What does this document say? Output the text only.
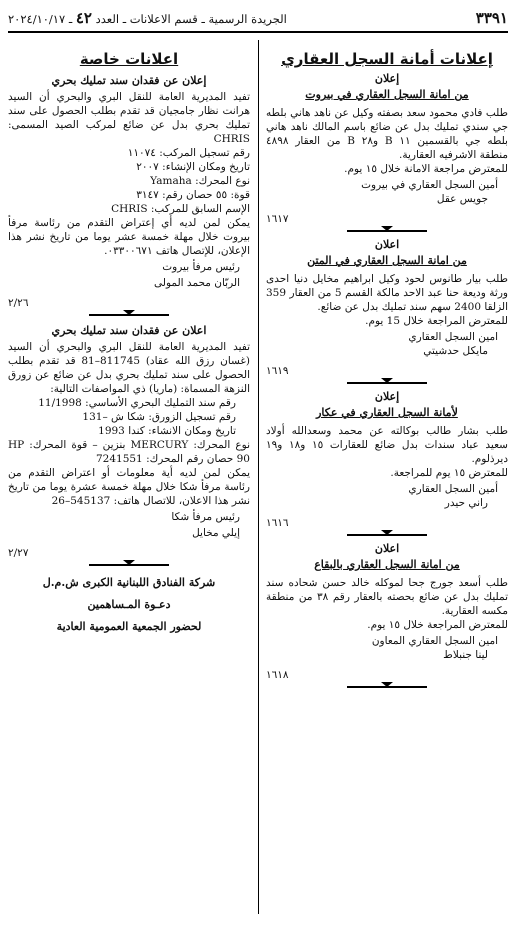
٣٣٩١
الجريدة الرسمية ـ قسم الاعلانات ـ العدد ٤٢ ـ ٢٠٢٤/١٠/١٧
إعلانات أمانة السجل العقاري
إعلان
من امانة السجل العقاري في بيروت

طلب فادي محمود سعد بصفته وكيل عن ناهد هاني بلطه جي سندي تمليك بدل عن ضائع باسم المالك ناهد هاني بلطه جي بالقسمين ١١ B و٢٨ B من العقار ٤٨٩٨ منطقة الاشرفيه العقارية.

للمعترض مراجعة الامانة خلال ١٥ يوم.

أمين السجل العقاري في بيروت

جويس عقل

١٦١٧

اعلان
من امانة السجل العقاري في المتن

طلب بيار طانوس لحود وكيل ابراهيم مخايل دنيا احدى ورثة وديعة حنا عبد الاحد مالكة القسم 5 من العقار 359 الزلقا 2400 سهم سند تمليك بدل عن ضائع.

للمعترض المراجعة خلال 15 يوم.

امين السجل العقاري

مايكل حدشيتي

١٦١٩

إعلان
لأمانة السجل العقاري في عكار

طلب بشار طالب بوكالته عن محمد وسعدالله أولاد سعيد عباد سندات بدل ضائع للعقارات ١٥ و١٨ و١٩ ديرذلوم.

للمعترض ١٥ يوم للمراجعة.

أمين السجل العقاري

راني حيدر

١٦١٦

اعلان
من امانة السجل العقاري بالبقاع

طلب أسعد جورج جحا لموكله خالد حسن شحاده سند تمليك بدل عن ضائع بحصته بالعقار رقم ٣٨ من منطقة مكسه العقارية.

للمعترض المراجعة خلال ١٥ يوم.

امين السجل العقاري المعاون

لينا جنبلاط

١٦١٨

اعلانات خاصة
إعلان عن فقدان سند تمليك بحري

تفيد المديرية العامة للنقل البري والبحري أن السيد هرانت نظار جامجيان قد تقدم بطلب الحصول على سند تمليك بحري بدل عن ضائع لمركب الصيد المسمى: CHRIS

رقم تسجيل المركب: ١١٠٧٤

تاريخ ومكان الإنشاء: ٢٠٠٧

نوع المحرك: Yamaha

قوة: ٥٥ حصان رقم: ٣١٤٧

الإسم السابق للمركب: CHRIS

يمكن لمن لديه أي إعتراض التقدم من رئاسة مرفأ بيروت خلال مهلة خمسة عشر يوما من تاريخ نشر هذا الإعلان، للإتصال هاتف ٠٣٣٠٠٦٧١.

رئيس مرفأ بيروت

الربّان محمد المولى

٢/٢٦

اعلان عن فقدان سند تمليك بحري

تفيد المديرية العامة للنقل البري والبحري أن السيد (غسان رزق الله عقاد) 811745–81 قد تقدم بطلب الحصول على سند تمليك بحري بدل عن ضائع عن زورق النزهة المسماة: (ماريا) ذي المواصفات التالية:

رقم سند التمليك البحري الأساسي: 11/1998

رقم تسجيل الزورق: شكا ش –131

تاريخ ومكان الانشاء: كندا 1993

نوع المحرك: MERCURY بنزين – قوة المحرك: HP 90 حصان رقم المحرك: 7241551

يمكن لمن لديه أية معلومات أو اعتراض التقدم من رئاسة مرفأ شكا خلال مهلة خمسة عشرة يوما من تاريخ نشر هذا الاعلان، للاتصال هاتف: 545137–26

رئيس مرفأ شكا

إيلي مخايل

٢/٢٧

شركة الفنادق اللبنانية الكبرى ش.م.ل
دعـوة المـساهمين
لحضور الجمعية العمومية العادية
